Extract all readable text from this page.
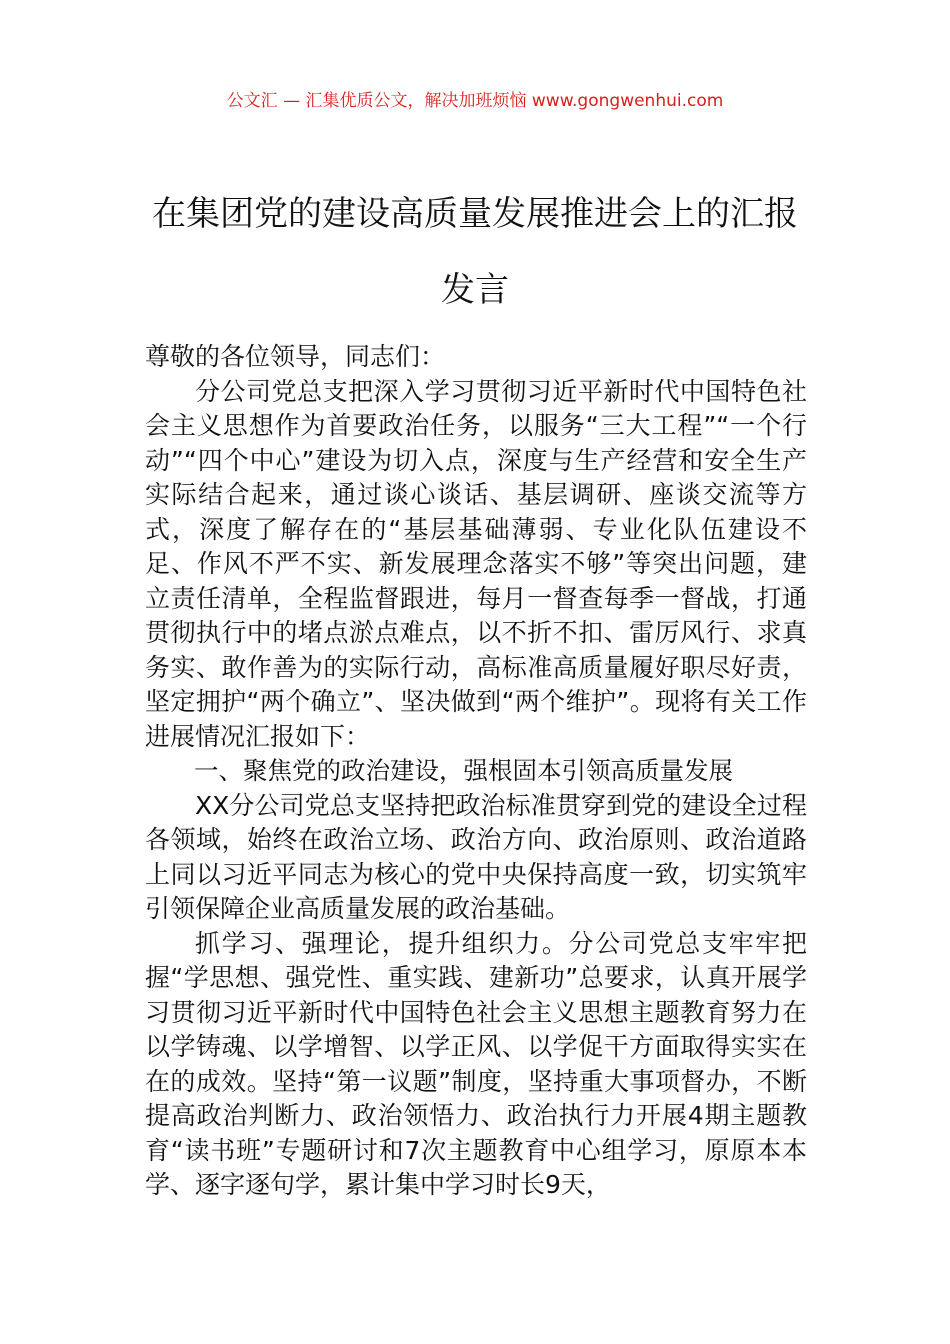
公文汇 — 汇集优质公文，解决加班烦恼 www.gongwenhui.com
在集团党的建设高质量发展推进会上的汇报发言

尊敬的各位领导，同志们：

分公司党总支把深入学习贯彻习近平新时代中国特色社会主义思想作为首要政治任务，以服务“三大工程”“一个行动”“四个中心”建设为切入点，深度与生产经营和安全生产实际结合起来，通过谈心谈话、基层调研、座谈交流等方式，深度了解存在的“基层基础薄弱、专业化队伍建设不足、作风不严不实、新发展理念落实不够”等突出问题，建立责任清单，全程监督跟进，每月一督查每季一督战，打通贯彻执行中的堵点淤点难点，以不折不扣、雷厉风行、求真务实、敢作善为的实际行动，高标准高质量履好职尽好责，坚定拥护“两个确立”、坚决做到“两个维护”。现将有关工作进展情况汇报如下：

一、聚焦党的政治建设，强根固本引领高质量发展

XX分公司党总支坚持把政治标准贯穿到党的建设全过程各领域，始终在政治立场、政治方向、政治原则、政治道路上同以习近平同志为核心的党中央保持高度一致，切实筑牢引领保障企业高质量发展的政治基础。

抓学习、强理论，提升组织力。分公司党总支牢牢把握“学思想、强党性、重实践、建新功”总要求，认真开展学习贯彻习近平新时代中国特色社会主义思想主题教育努力在以学铸魂、以学增智、以学正风、以学促干方面取得实实在在的成效。坚持“第一议题”制度，坚持重大事项督办，不断提高政治判断力、政治领悟力、政治执行力开展4期主题教育“读书班”专题研讨和7次主题教育中心组学习，原原本本学、逐字逐句学，累计集中学习时长9天，
